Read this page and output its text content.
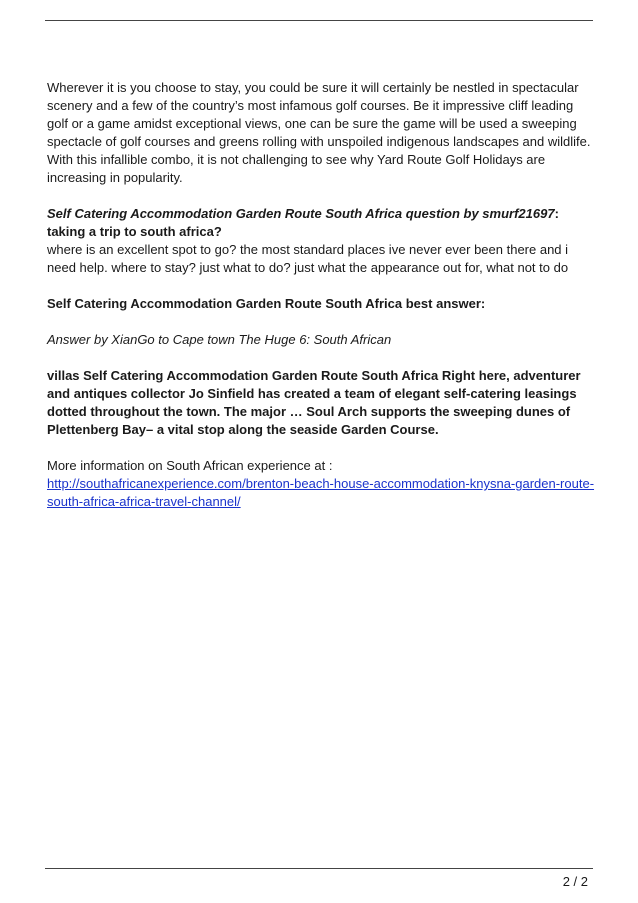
Wherever it is you choose to stay, you could be sure it will certainly be nestled in spectacular scenery and a few of the country’s most infamous golf courses. Be it impressive cliff leading golf or a game amidst exceptional views, one can be sure the game will be used a sweeping spectacle of golf courses and greens rolling with unspoiled indigenous landscapes and wildlife. With this infallible combo, it is not challenging to see why Yard Route Golf Holidays are increasing in popularity.

Self Catering Accommodation Garden Route South Africa question by smurf21697:
taking a trip to south africa?
where is an excellent spot to go? the most standard places ive never ever been there and i need help. where to stay? just what to do? just what the appearance out for, what not to do

Self Catering Accommodation Garden Route South Africa best answer:

Answer by XianGo to Cape town The Huge 6: South African

villas Self Catering Accommodation Garden Route South Africa Right here, adventurer and antiques collector Jo Sinfield has created a team of elegant self-catering leasings dotted throughout the town. The major … Soul Arch supports the sweeping dunes of Plettenberg Bay– a vital stop along the seaside Garden Course.

More information on South African experience at :
http://southafricanexperience.com/brenton-beach-house-accommodation-knysna-garden-route-south-africa-africa-travel-channel/

2 / 2
